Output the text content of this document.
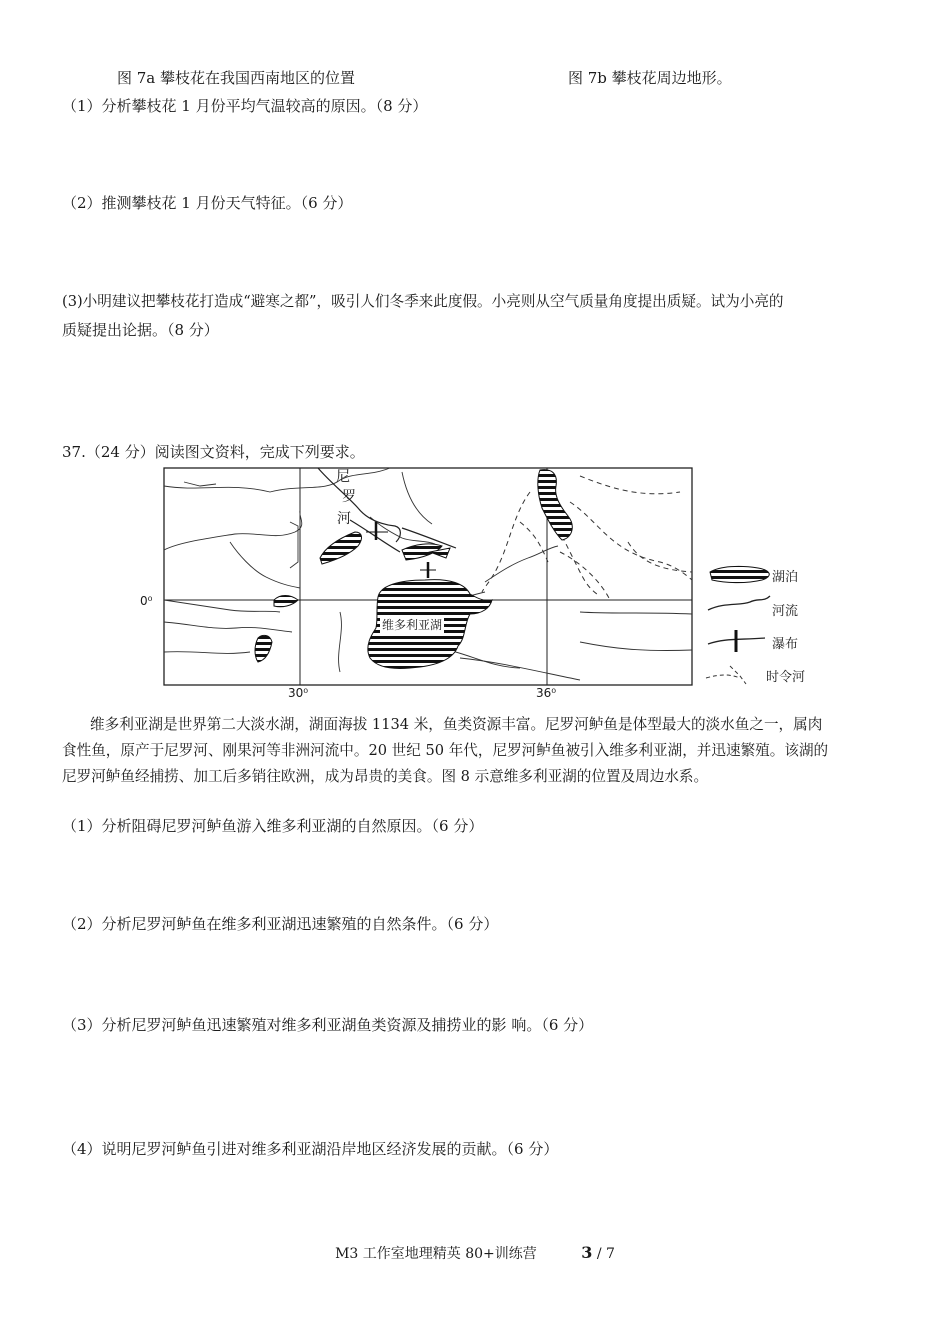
图 7a 攀枝花在我国西南地区的位置	图 7b 攀枝花周边地形。
（1）分析攀枝花 1 月份平均气温较高的原因。（8 分）
（2）推测攀枝花 1 月份天气特征。（6 分）
(3)小明建议把攀枝花打造成“避寒之都”，吸引人们冬季来此度假。小亮则从空气质量角度提出质疑。试为小亮的
质疑提出论据。（8 分）
37.（24 分）阅读图文资料，完成下列要求。
尼
罗
河
维多利亚湖
0⁰
30⁰	36⁰
湖泊
河流
瀑布
时令河
维多利亚湖是世界第二大淡水湖，湖面海拔 1134 米，鱼类资源丰富。尼罗河鲈鱼是体型最大的淡水鱼之一，属肉
食性鱼，原产于尼罗河、刚果河等非洲河流中。20 世纪 50 年代，尼罗河鲈鱼被引入维多利亚湖，并迅速繁殖。该湖的
尼罗河鲈鱼经捕捞、加工后多销往欧洲，成为昂贵的美食。图 8 示意维多利亚湖的位置及周边水系。
（1）分析阻碍尼罗河鲈鱼游入维多利亚湖的自然原因。（6 分）
（2）分析尼罗河鲈鱼在维多利亚湖迅速繁殖的自然条件。（6 分）
（3）分析尼罗河鲈鱼迅速繁殖对维多利亚湖鱼类资源及捕捞业的影 响。（6 分）
（4）说明尼罗河鲈鱼引进对维多利亚湖沿岸地区经济发展的贡献。（6 分）
M3 工作室地理精英 80+训练营	3 / 7
